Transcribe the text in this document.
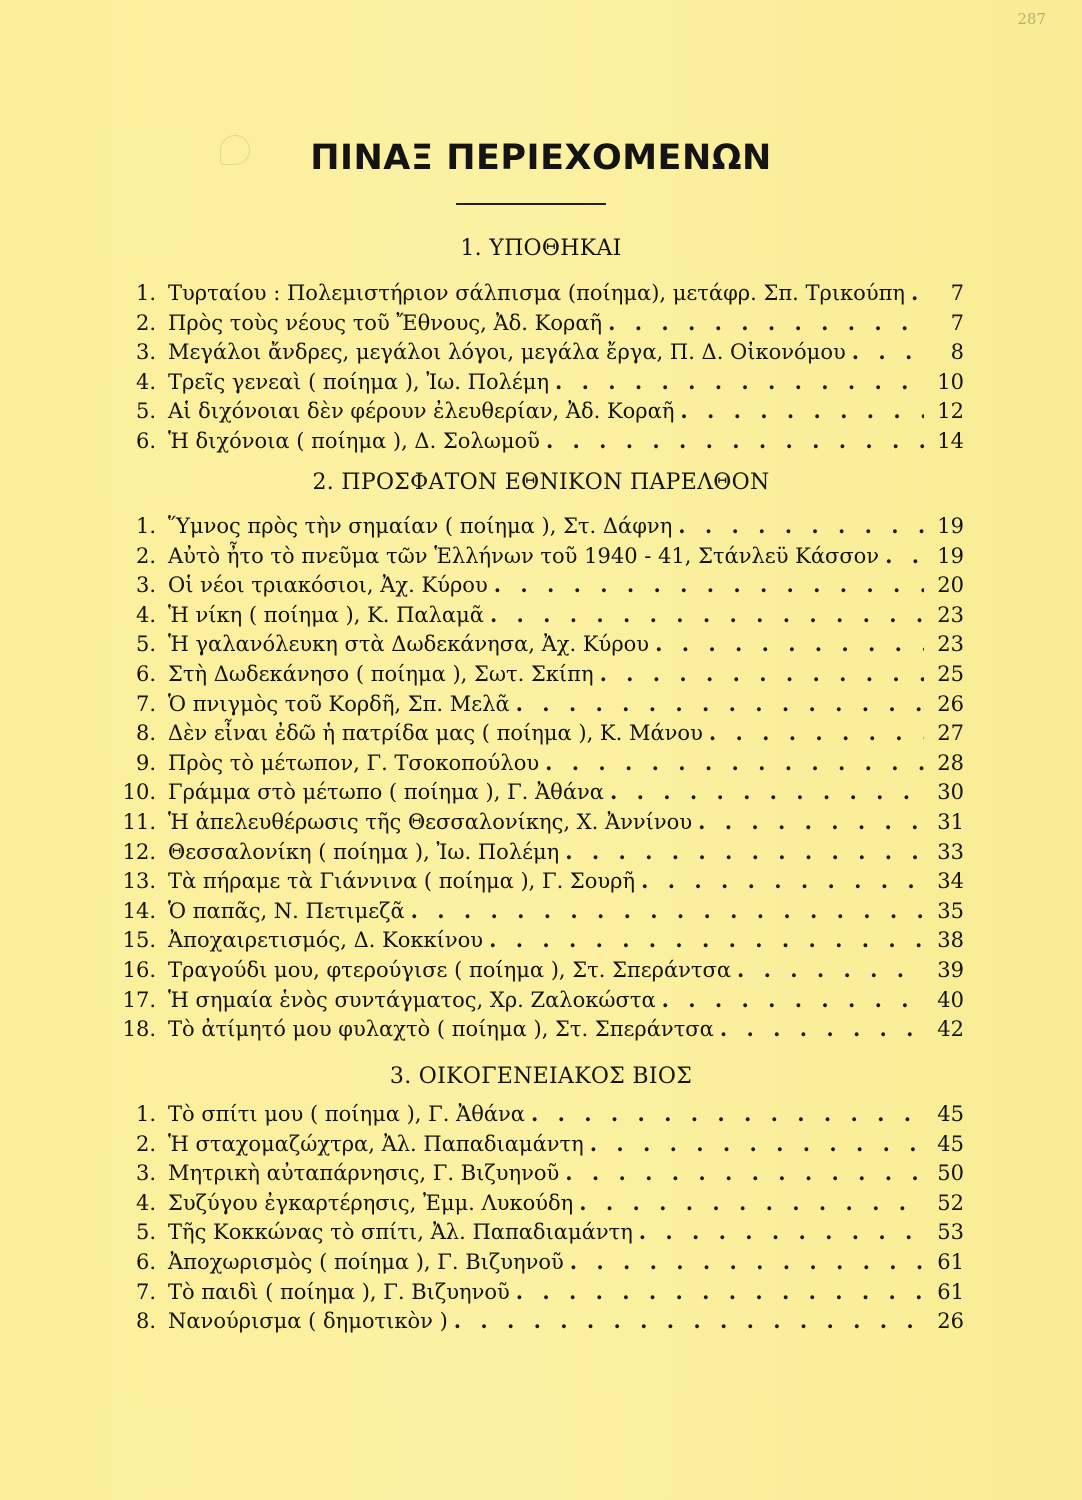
287
ΠΙΝΑΞ ΠΕΡΙΕΧΟΜΕΝΩΝ
1. ΥΠΟΘΗΚΑΙ
1. Τυρταίου : Πολεμιστήριον σάλπισμα (ποίημα), μετάφρ. Σπ. Τρικούπη . . .	7
2. Πρὸς τοὺς νέους τοῦ Ἔθνους, Ἀδ. Κοραῆ . . .	7
3. Μεγάλοι ἄνδρες, μεγάλοι λόγοι, μεγάλα ἔργα, Π. Δ. Οἰκονόμου . . .	8
4. Τρεῖς γενεαὶ ( ποίημα ), Ἰω. Πολέμη . . .	10
5. Αἱ διχόνοιαι δὲν φέρουν ἐλευθερίαν, Ἀδ. Κοραῆ . . .	12
6. Ἡ διχόνοια ( ποίημα ), Δ. Σολωμοῦ . . .	14
2. ΠΡΟΣΦΑΤΟΝ ΕΘΝΙΚΟΝ ΠΑΡΕΛΘΟΝ
1. Ὕμνος πρὸς τὴν σημαίαν ( ποίημα ), Στ. Δάφνη . . .	19
2. Αὐτὸ ἦτο τὸ πνεῦμα τῶν Ἑλλήνων τοῦ 1940 - 41, Στάνλεϋ Κάσσον . . .	19
3. Οἱ νέοι τριακόσιοι, Ἀχ. Κύρου . . .	20
4. Ἡ νίκη ( ποίημα ), Κ. Παλαμᾶ . . .	23
5. Ἡ γαλανόλευκη στὰ Δωδεκάνησα, Ἀχ. Κύρου . . .	23
6. Στὴ Δωδεκάνησο ( ποίημα ), Σωτ. Σκίπη . . .	25
7. Ὁ πνιγμὸς τοῦ Κορδῆ, Σπ. Μελᾶ . . .	26
8. Δὲν εἶναι ἐδῶ ἡ πατρίδα μας ( ποίημα ), Κ. Μάνου . . .	27
9. Πρὸς τὸ μέτωπον, Γ. Τσοκοπούλου . . .	28
10. Γράμμα στὸ μέτωπο ( ποίημα ), Γ. Ἀθάνα . . .	30
11. Ἡ ἀπελευθέρωσις τῆς Θεσσαλονίκης, Χ. Ἀννίνου . . .	31
12. Θεσσαλονίκη ( ποίημα ), Ἰω. Πολέμη . . .	33
13. Τὰ πήραμε τὰ Γιάννινα ( ποίημα ), Γ. Σουρῆ . . .	34
14. Ὁ παπᾶς, Ν. Πετιμεζᾶ . . .	35
15. Ἀποχαιρετισμός, Δ. Κοκκίνου . . .	38
16. Τραγούδι μου, φτερούγισε ( ποίημα ), Στ. Σπεράντσα . . .	39
17. Ἡ σημαία ἑνὸς συντάγματος, Χρ. Ζαλοκώστα . . .	40
18. Τὸ ἀτίμητό μου φυλαχτὸ ( ποίημα ), Στ. Σπεράντσα . . .	42
3. ΟΙΚΟΓΕΝΕΙΑΚΟΣ ΒΙΟΣ
1. Τὸ σπίτι μου ( ποίημα ), Γ. Ἀθάνα . . .	45
2. Ἡ σταχομαζώχτρα, Ἀλ. Παπαδιαμάντη . . .	45
3. Μητρικὴ αὐταπάρνησις, Γ. Βιζυηνοῦ . . .	50
4. Συζύγου ἐγκαρτέρησις, Ἐμμ. Λυκούδη . . .	52
5. Τῆς Κοκκώνας τὸ σπίτι, Ἀλ. Παπαδιαμάντη . . .	53
6. Ἀποχωρισμὸς ( ποίημα ), Γ. Βιζυηνοῦ . . .	61
7. Τὸ παιδὶ ( ποίημα ), Γ. Βιζυηνοῦ . . .	61
8. Νανούρισμα ( δημοτικὸν ) . . .	26
